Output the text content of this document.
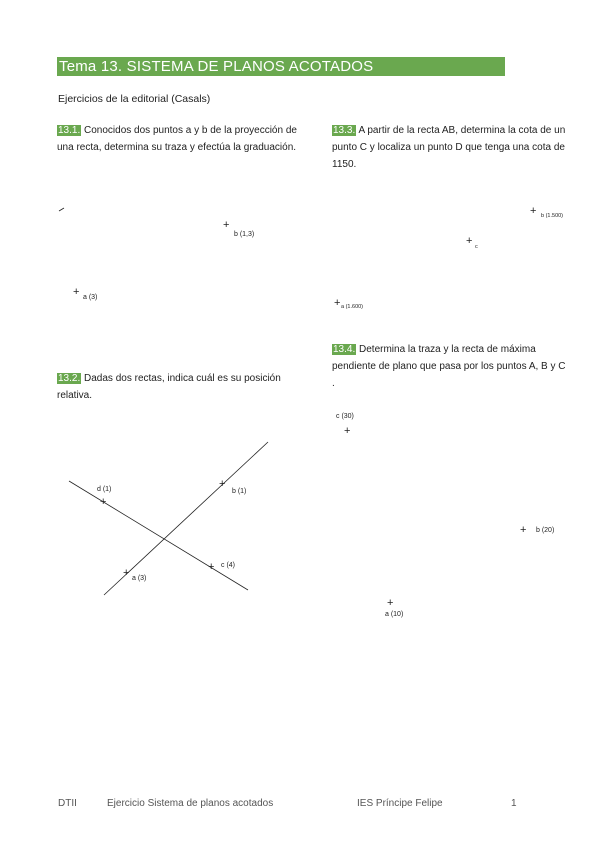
Tema 13. SISTEMA DE PLANOS ACOTADOS
Ejercicios de la editorial (Casals)
13.1. Conocidos dos puntos a y b de la proyección de una recta, determina su traza y efectúa la graduación.
+
b (1,3)
+ a (3)
13.2. Dadas dos rectas, indica cuál es su posición relativa.
+
d (1)	+
b (1)
+ a (3)
+ c (4)
13.3. A partir de la recta AB, determina la cota de un punto C y localiza un punto D que tenga una cota de 1150.
+ b (1.500)
+ c
+ a (1.600)
13.4. Determina la traza y la recta de máxima pendiente de plano que pasa por los puntos A, B y C .
c (30)
+
+ b (20)
+
a (10)
DTII	Ejercicio Sistema de planos acotados	IES Príncipe Felipe	1
